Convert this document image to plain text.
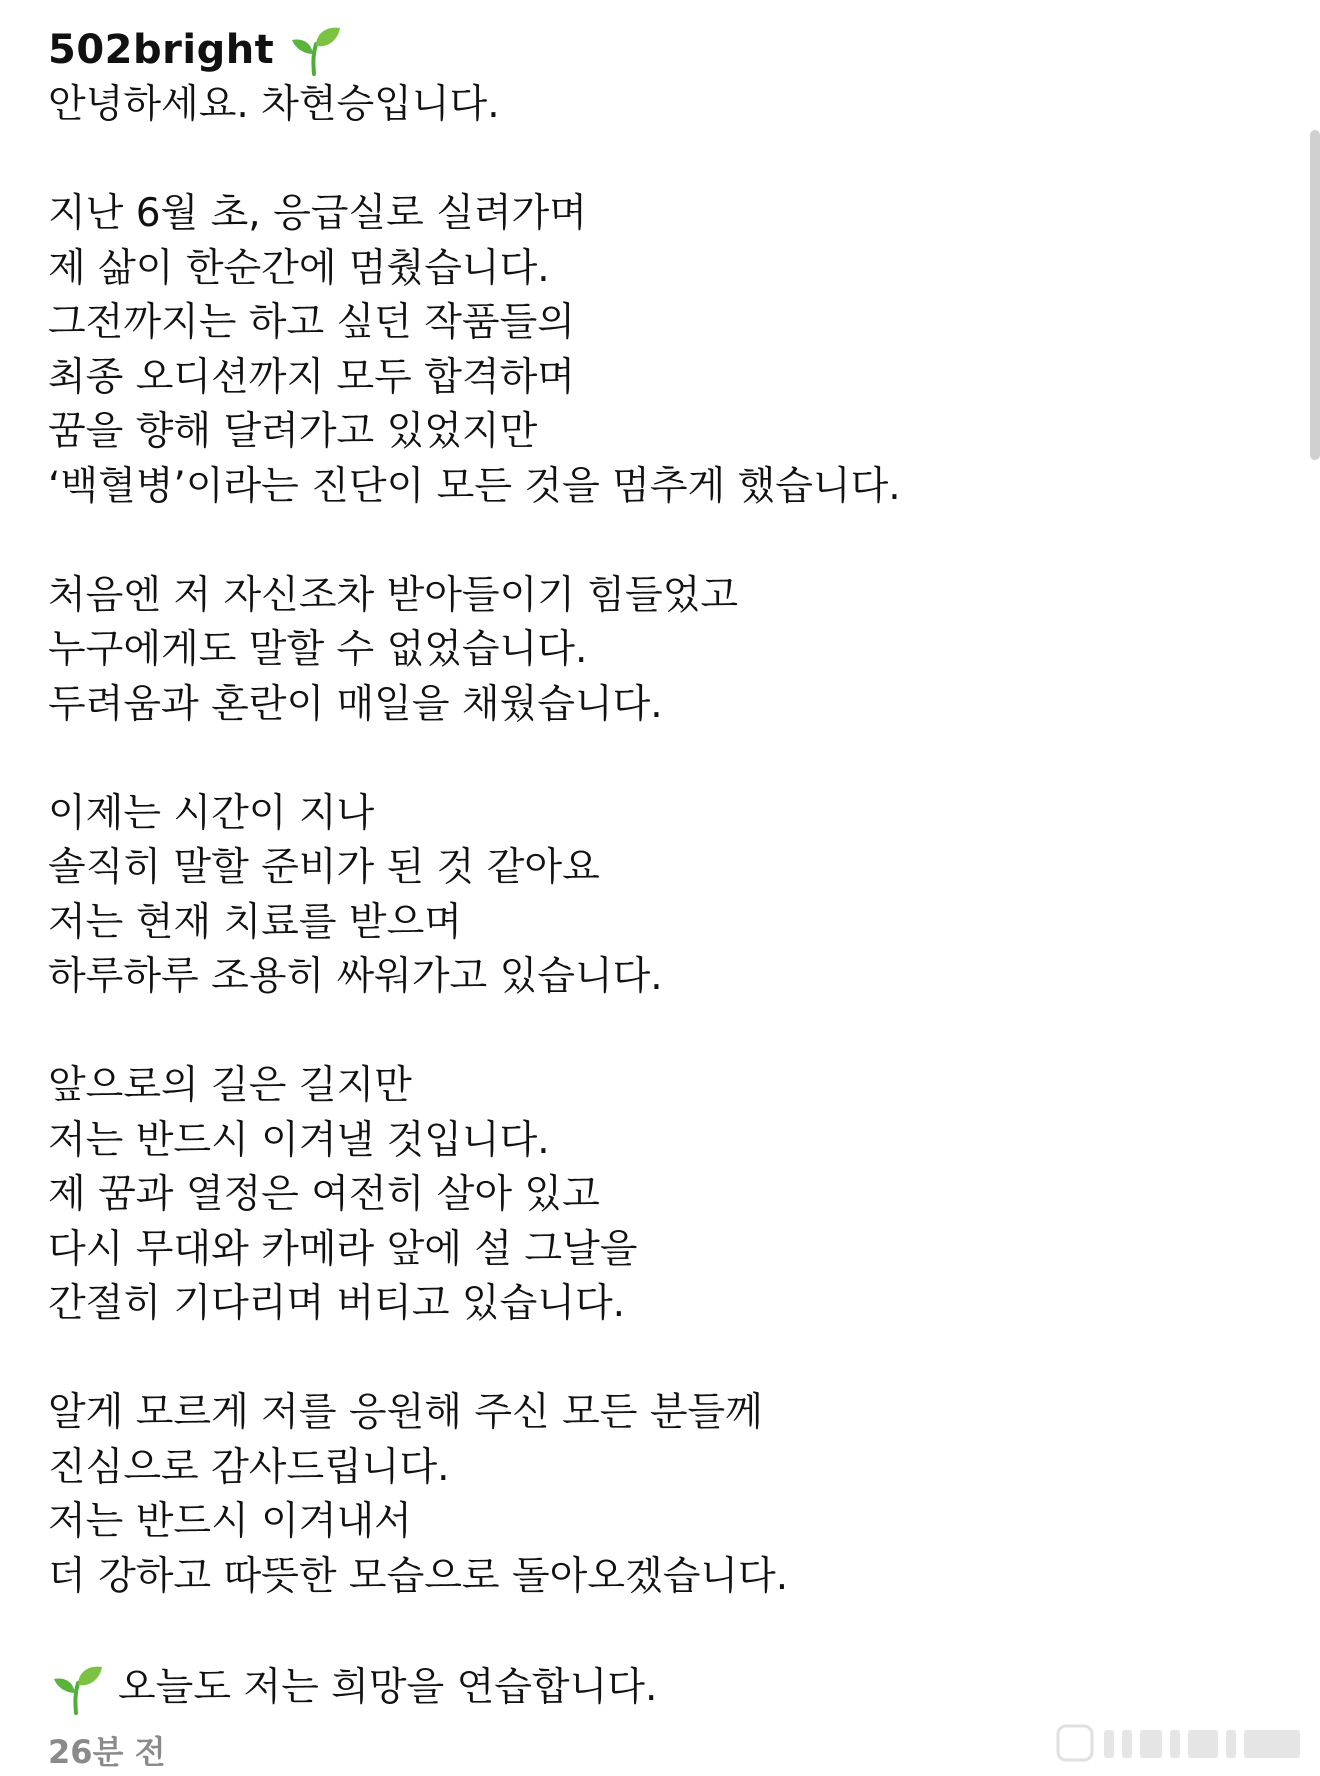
502bright
안녕하세요. 차현승입니다.
지난 6월 초, 응급실로 실려가며
제 삶이 한순간에 멈췄습니다.
그전까지는 하고 싶던 작품들의
최종 오디션까지 모두 합격하며
꿈을 향해 달려가고 있었지만
‘백혈병’이라는 진단이 모든 것을 멈추게 했습니다.
처음엔 저 자신조차 받아들이기 힘들었고
누구에게도 말할 수 없었습니다.
두려움과 혼란이 매일을 채웠습니다.
이제는 시간이 지나
솔직히 말할 준비가 된 것 같아요
저는 현재 치료를 받으며
하루하루 조용히 싸워가고 있습니다.
앞으로의 길은 길지만
저는 반드시 이겨낼 것입니다.
제 꿈과 열정은 여전히 살아 있고
다시 무대와 카메라 앞에 설 그날을
간절히 기다리며 버티고 있습니다.
알게 모르게 저를 응원해 주신 모든 분들께
진심으로 감사드립니다.
저는 반드시 이겨내서
더 강하고 따뜻한 모습으로 돌아오겠습니다.
오늘도 저는 희망을 연습합니다.
26분 전
